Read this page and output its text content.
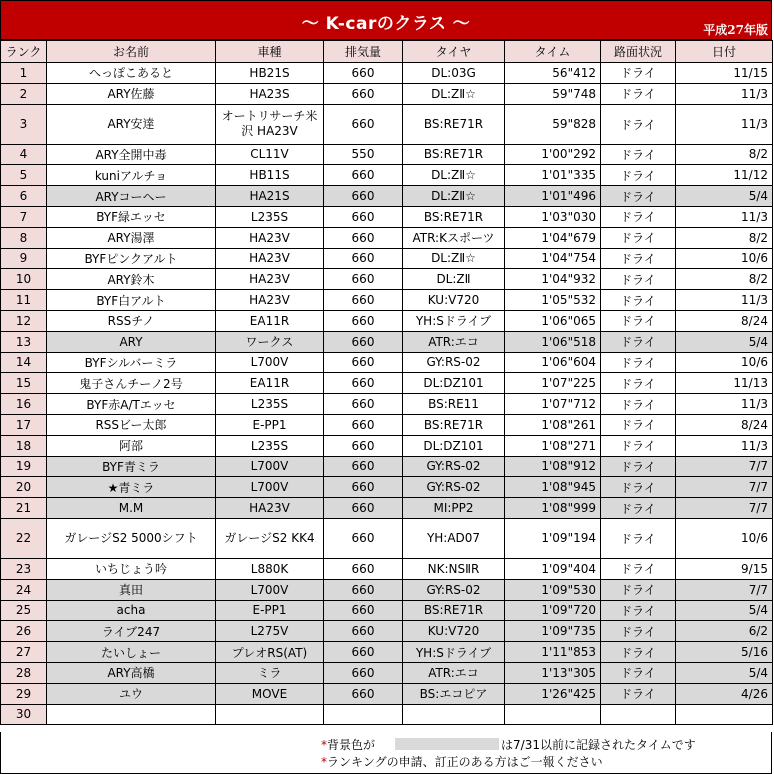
〜 K-carのクラス 〜	平成27年版
ランク	お名前	車種	排気量	タイヤ	タイム	路面状況	日付
1	へっぽこあると	HB21S	660	DL:03G	56"412	ドライ	11/15
2	ARY佐藤	HA23S	660	DL:ZⅡ☆	59"748	ドライ	11/3
3	ARY安達	オートリサーチ米沢 HA23V	660	BS:RE71R	59"828	ドライ	11/3
4	ARY全開中毒	CL11V	550	BS:RE71R	1'00"292	ドライ	8/2
5	kuniアルチョ	HB11S	660	DL:ZⅡ☆	1'01"335	ドライ	11/12
6	ARYコーヘー	HA21S	660	DL:ZⅡ☆	1'01"496	ドライ	5/4
7	BYF緑エッセ	L235S	660	BS:RE71R	1'03"030	ドライ	11/3
8	ARY湯澤	HA23V	660	ATR:Kスポーツ	1'04"679	ドライ	8/2
9	BYFピンクアルト	HA23V	660	DL:ZⅡ☆	1'04"754	ドライ	10/6
10	ARY鈴木	HA23V	660	DL:ZⅡ	1'04"932	ドライ	8/2
11	BYF白アルト	HA23V	660	KU:V720	1'05"532	ドライ	11/3
12	RSSチノ	EA11R	660	YH:Sドライブ	1'06"065	ドライ	8/24
13	ARY	ワークス	660	ATR:エコ	1'06"518	ドライ	5/4
14	BYFシルバーミラ	L700V	660	GY:RS-02	1'06"604	ドライ	10/6
15	鬼子さんチーノ2号	EA11R	660	DL:DZ101	1'07"225	ドライ	11/13
16	BYF赤A/Tエッセ	L235S	660	BS:RE11	1'07"712	ドライ	11/3
17	RSSビー太郎	E-PP1	660	BS:RE71R	1'08"261	ドライ	8/24
18	阿部	L235S	660	DL:DZ101	1'08"271	ドライ	11/3
19	BYF青ミラ	L700V	660	GY:RS-02	1'08"912	ドライ	7/7
20	★青ミラ	L700V	660	GY:RS-02	1'08"945	ドライ	7/7
21	M.M	HA23V	660	MI:PP2	1'08"999	ドライ	7/7
22	ガレージS2 5000シフト	ガレージS2 KK4	660	YH:AD07	1'09"194	ドライ	10/6
23	いちじょう吟	L880K	660	NK:NSⅡR	1'09"404	ドライ	9/15
24	真田	L700V	660	GY:RS-02	1'09"530	ドライ	7/7
25	acha	E-PP1	660	BS:RE71R	1'09"720	ドライ	5/4
26	ライブ247	L275V	660	KU:V720	1'09"735	ドライ	6/2
27	たいしょー	プレオRS(AT)	660	YH:Sドライブ	1'11"853	ドライ	5/16
28	ARY高橋	ミラ	660	ATR:エコ	1'13"305	ドライ	5/4
29	ユウ	MOVE	660	BS:エコピア	1'26"425	ドライ	4/26
30							
*背景色が	は7/31以前に記録されたタイムです
*ランキングの申請、訂正のある方はご一報ください
